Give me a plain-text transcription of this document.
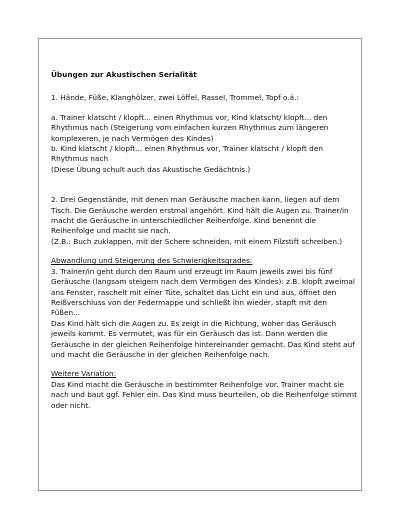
Übungen zur Akustischen Serialität

1. Hände, Füße, Klanghölzer, zwei Löffel, Rassel, Trommel, Topf o.ä.:

a. Trainer klatscht / klopft... einen Rhythmus vor, Kind klatscht/ klopft... den Rhythmus nach (Steigerung vom einfachen kurzen Rhythmus zum längeren komplexeren, je nach Vermögen des Kindes)

b. Kind klatscht / klopft... einen Rhythmus vor, Trainer klatscht / klopft den Rhythmus nach

(Diese Übung schult auch das Akustische Gedächtnis.)

2. Drei Gegenstände, mit denen man Geräusche machen kann, liegen auf dem Tisch. Die Geräusche werden erstmal angehört. Kind hält die Augen zu. Trainer/in macht die Geräusche in unterschiedlicher Reihenfolge. Kind benennt die Reihenfolge und macht sie nach.

(Z.B.: Buch zuklappen, mit der Schere schneiden, mit einem Filzstift schreiben.)

Abwandlung und Steigerung des Schwierigkeitsgrades:

3. Trainer/in geht durch den Raum und erzeugt im Raum jeweils zwei bis fünf Geräusche (langsam steigern nach dem Vermögen des Kindes): z.B. klopft zweimal ans Fenster, raschelt mit einer Tüte, schaltet das Licht ein und aus, öffnet den Reißverschluss von der Federmappe und schließt ihn wieder, stapft mit den Füßen...

Das Kind hält sich die Augen zu. Es zeigt in die Richtung, woher das Geräusch jeweils kommt. Es vermutet, was für ein Geräusch das ist. Dann werden die Geräusche in der gleichen Reihenfolge hintereinander gemacht. Das Kind steht auf und macht die Geräusche in der gleichen Reihenfolge nach.

Weitere Variation:

Das Kind macht die Geräusche in bestimmter Reihenfolge vor. Trainer macht sie nach und baut ggf. Fehler ein. Das Kind muss beurteilen, ob die Reihenfolge stimmt oder nicht.
